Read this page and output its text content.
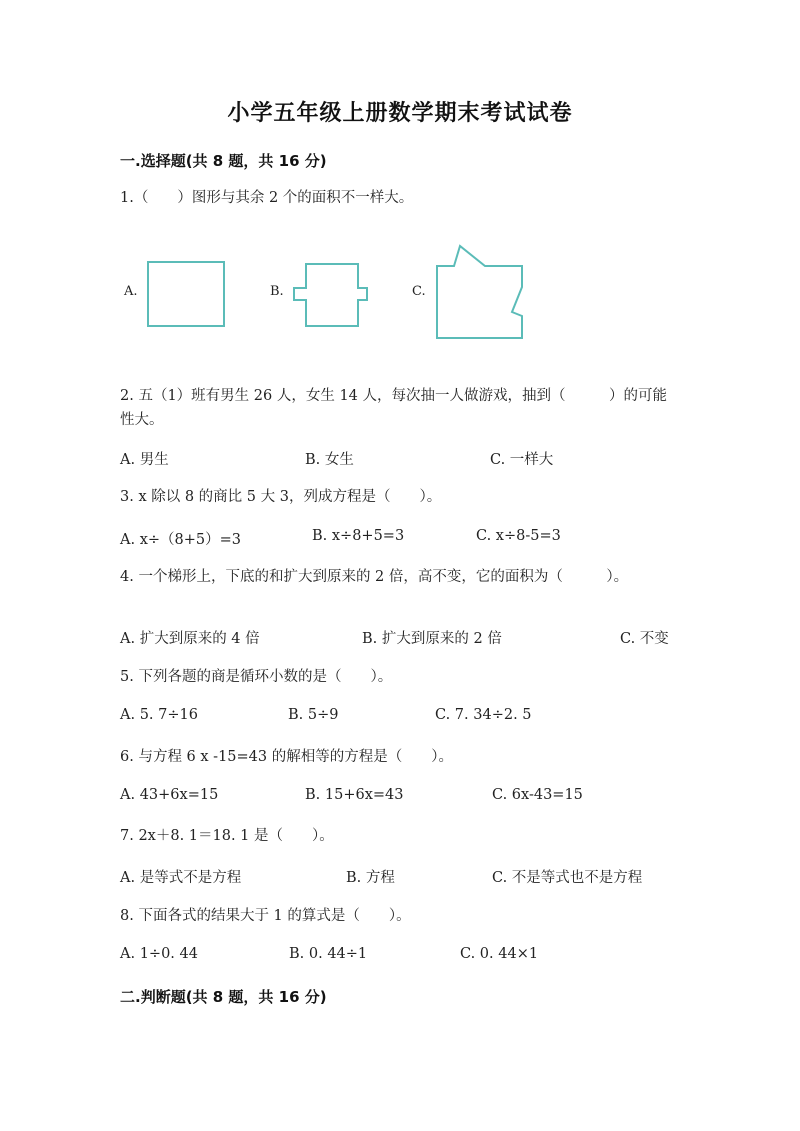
小学五年级上册数学期末考试试卷
一.选择题(共 8 题，共 16 分)
1.（　　）图形与其余 2 个的面积不一样大。
A.	B.	C.
2. 五（1）班有男生 26 人，女生 14 人，每次抽一人做游戏，抽到（　　　）的可能性大。
A. 男生	B. 女生	C. 一样大
3. x 除以 8 的商比 5 大 3，列成方程是（　　）。
A. x÷（8+5）=3	B. x÷8+5=3	C. x÷8-5=3
4. 一个梯形上，下底的和扩大到原来的 2 倍，高不变，它的面积为（　　　）。
A. 扩大到原来的 4 倍	B. 扩大到原来的 2 倍	C. 不变
5. 下列各题的商是循环小数的是（　　）。
A. 5. 7÷16	B. 5÷9	C. 7. 34÷2. 5
6. 与方程 6 x -15=43 的解相等的方程是（　　）。
A. 43+6x=15	B. 15+6x=43	C. 6x-43=15
7. 2x＋8. 1＝18. 1 是（　　）。
A. 是等式不是方程	B. 方程	C. 不是等式也不是方程
8. 下面各式的结果大于 1 的算式是（　　）。
A. 1÷0. 44	B. 0. 44÷1	C. 0. 44×1
二.判断题(共 8 题，共 16 分)
